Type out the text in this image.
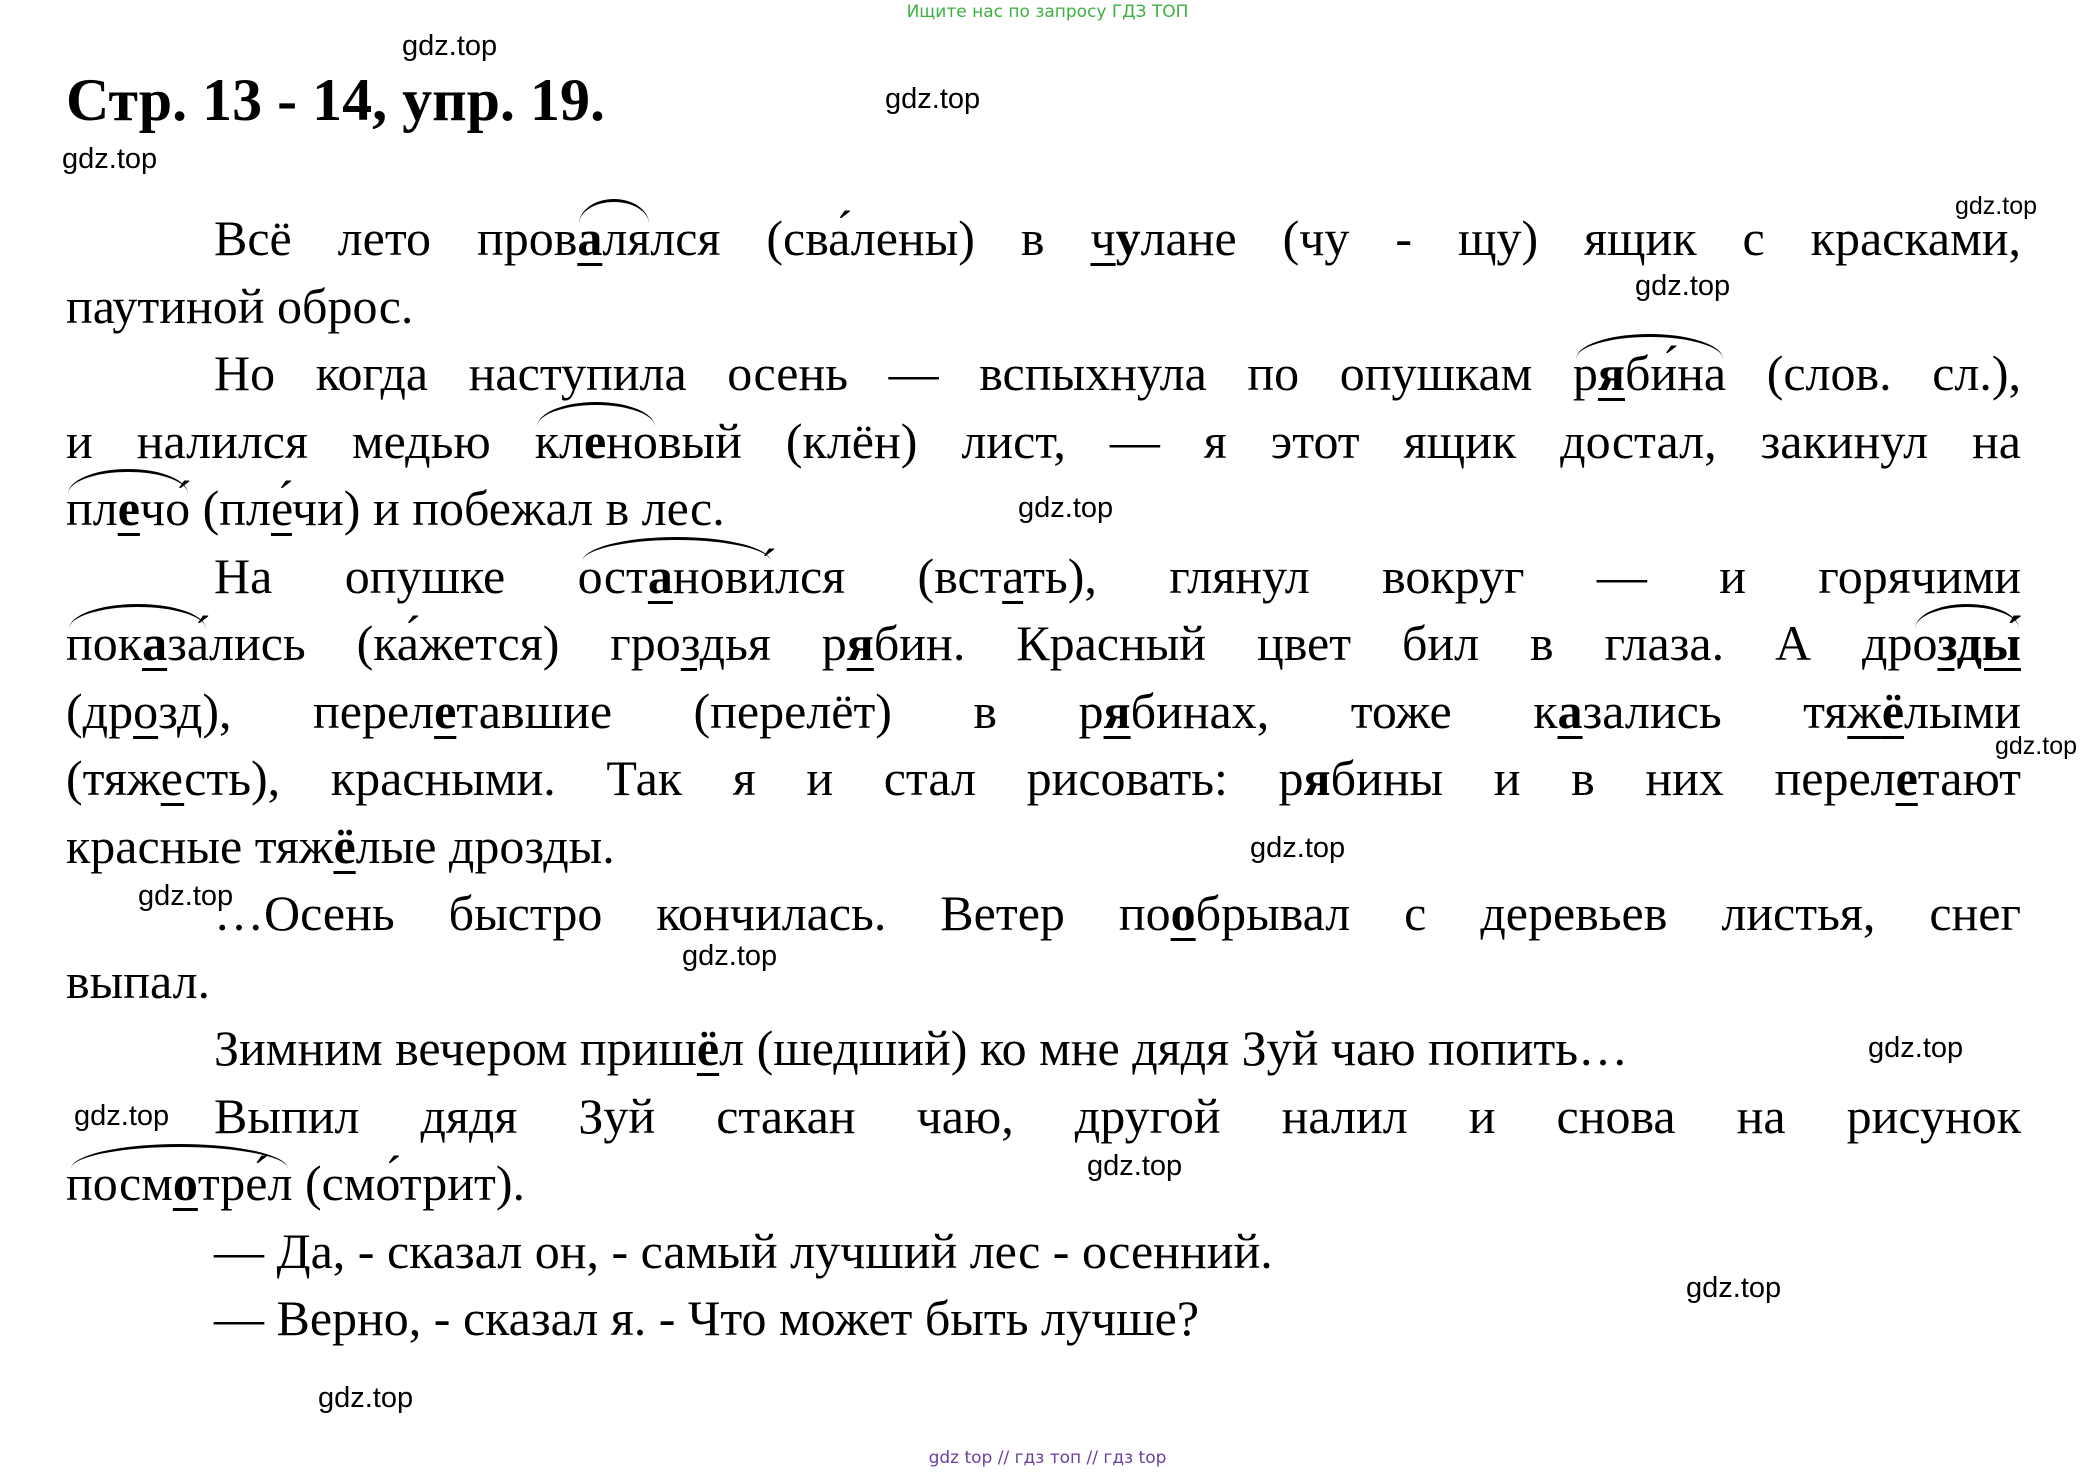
Ищите нас по запросу ГДЗ ТОП
Стр. 13 - 14, упр. 19.
gdz.top
gdz.top
gdz.top
gdz.top
gdz.top
gdz.top
gdz.top
gdz.top
gdz.top
gdz.top
gdz.top
gdz.top
gdz.top
gdz.top
gdz.top
Всё лето провалялся (сва́лены) в чулане (чу - щу) ящик с красками,
паутиной оброс.
Но когда наступила осень — вспыхнула по опушкам ряби́на (слов. сл.),
и налился медью кленовый (клён) лист, — я этот ящик достал, закинул на
плечо́ (пле́чи) и побежал в лес.
На опушке останови́лся (встать), глянул вокруг — и горячими
показа́лись (ка́жется) гроздья рябин. Красный цвет бил в глаза. А дрозды́
(дрозд), перелетавшие (перелёт) в рябинах, тоже казались тяжёлыми
(тяжесть), красными. Так я и стал рисовать: рябины и в них перелетают
красные тяжёлые дрозды.
…Осень быстро кончилась. Ветер пообрывал с деревьев листья, снег
выпал.
Зимним вечером пришёл (шедший) ко мне дядя Зуй чаю попить…
Выпил дядя Зуй стакан чаю, другой налил и снова на рисунок
посмотре́л (смо́трит).
— Да, - сказал он, - самый лучший лес - осенний.
— Верно, - сказал я. - Что может быть лучше?
gdz top // гдз топ // гдз top
